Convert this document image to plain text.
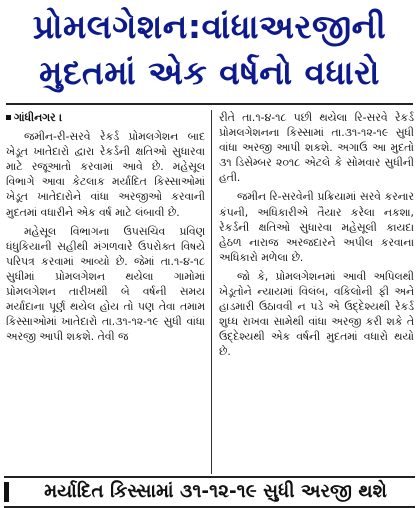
પ્રોમલગેશન:વાંધાઅરજીની
મુદતમાં એક વર્ષનો વધારો

ગાંધીનગર ।

જમીન-રી-સરવે રેકર્ડ પ્રોમલગેશન બાદ ખેડૂત ખાતેદારો દ્વારા રેકર્ડની ક્ષતિઓ સુધારવા માટે રજૂઆતો કરવામાં આવે છે. મહેસૂલ વિભાગે આવા કેટલાક મર્યાદિત કિસ્સાઓમાં ખેડૂત ખાતેદારોને વાંધા અરજીઓ કરવાની મુદતમાં વધારીને એક વર્ષ માટે લંબાવી છે.

મહેસૂલ વિભાગના ઉપસચિવ પ્રવિણ ધંધુકિયાની સહીથી મંગળવારે ઉપરોક્ત વિષયે પરિપત્ર કરવામાં આવ્યો છે. જેમાં તા.૧-૪-૧૮ સુધીમાં પ્રોમલગેશન થયેલા ગામોમાં પ્રોમલગેશન તારીખથી બે વર્ષની સમય મર્યાદાના પૂર્ણ થયેલ હોય તો પણ તેવા તમામ કિસ્સાઓમાં ખાતેદારો તા.૩૧-૧૨-૧૯ સુધી વાંધા અરજી આપી શકશે. તેવી જ

રીતે તા.૧-૪-૧૮ પછી થયેલા રિ-સરવે રેકર્ડ પ્રોમલગેશનના કિસ્સામાં તા.૩૧-૧૨-૧૯ સુધી વાંધા અરજી આપી શકશે. અગાઉ આ મુદતો ૩૧ ડિસેમ્બર ૨૦૧૮ એટલે કે સોમવાર સુધીની હતી.

જમીન રિ-સરવેની પ્રક્રિયામાં સરવે કરનાર કંપની, અધિકારીએ તૈયાર કરેલા નકશા, રેકર્ડની ક્ષતિઓ સુધારવા મહેસૂલી કાયદા હેઠળ નારાજ અરજદારને અપીલ કરવાના અધિકારો મળેલા છે.

જો કે, પ્રોમલગેશનમાં આવી અપિલથી ખેડૂતોને ન્યાયમાં વિલંબ, વકિલોની ફી અને હાડમારી ઉઠાવવી ન પડે એ ઉદ્દેશ્યથી રેકર્ડ શુધ્ધ રાખવા સામેથી વાંધા અરજી કરી શકે તે ઉદ્દેશ્યથી એક વર્ષની મુદતમાં વધારો થયો છે.

મર્યાદિત કિસ્સામાં ૩૧-૧૨-૧૯ સુધી અરજી થશે
